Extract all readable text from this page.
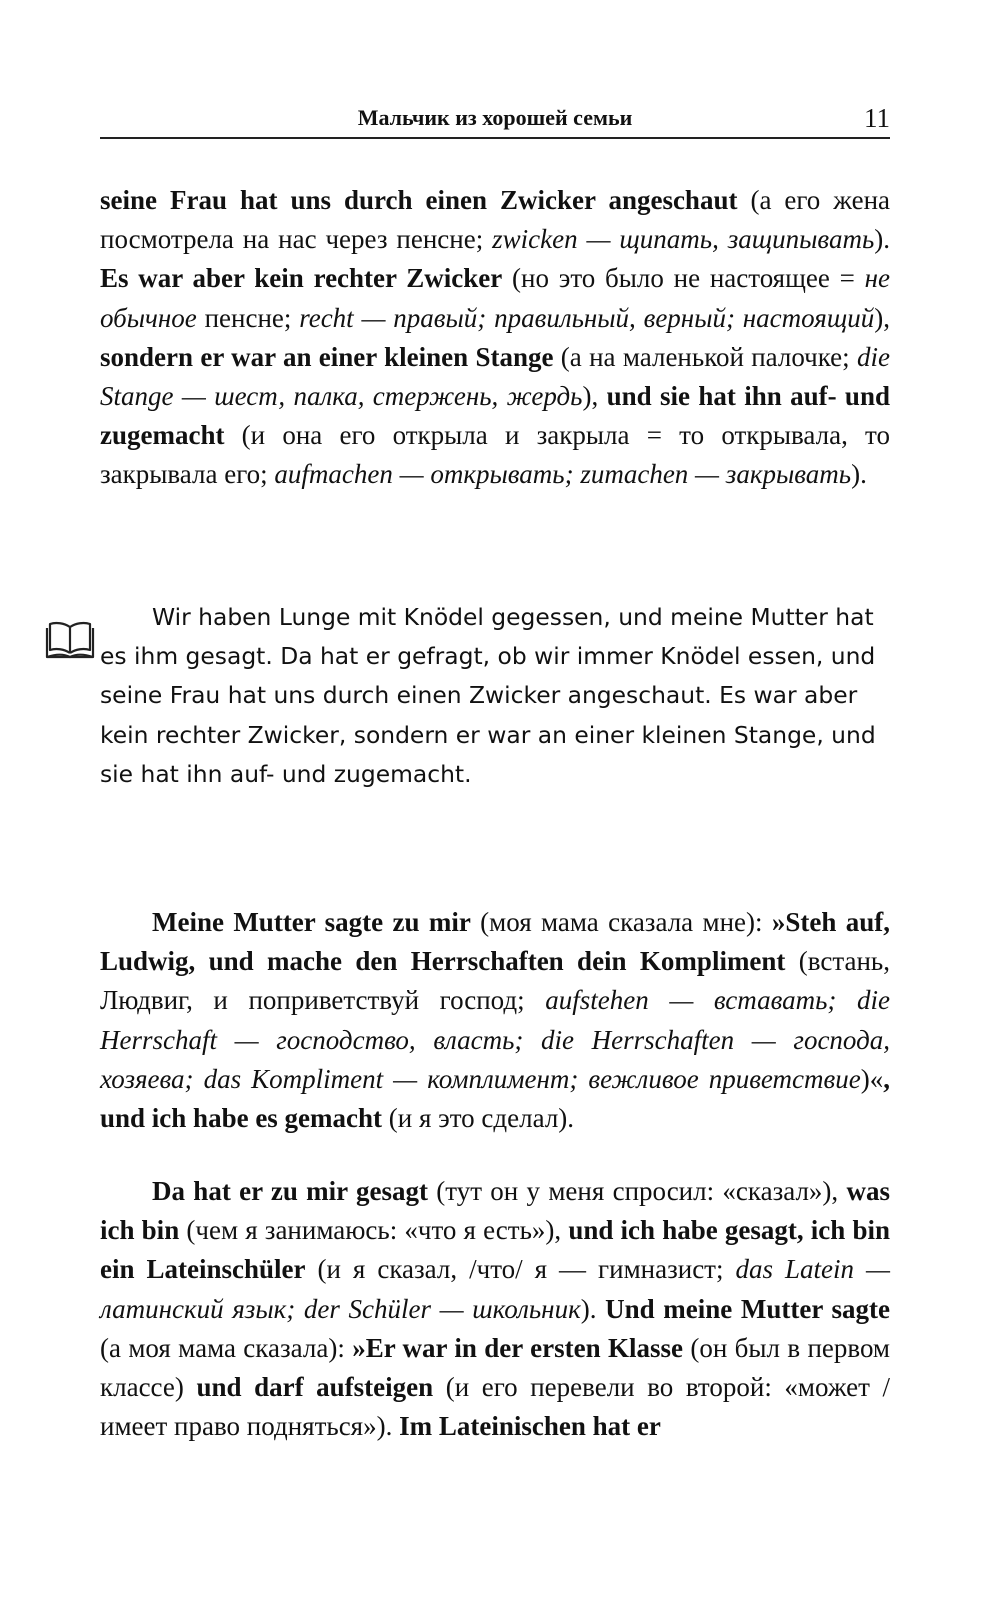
Мальчик из хорошей семьи	11

seine Frau hat uns durch einen Zwicker angeschaut (а его жена посмотрела на нас через пенсне; zwicken — щипать, защипывать). Es war aber kein rechter Zwicker (но это было не настоящее = не обычное пенсне; recht — правый; правильный, верный; настоящий), sondern er war an einer kleinen Stange (а на маленькой палочке; die Stange — шест, палка, стержень, жердь), und sie hat ihn auf- und zugemacht (и она его открыла и закрыла = то открывала, то закрывала его; aufmachen — открывать; zumachen — закрывать).

Wir haben Lunge mit Knödel gegessen, und meine Mutter hat es ihm gesagt. Da hat er gefragt, ob wir immer Knödel essen, und seine Frau hat uns durch einen Zwicker angeschaut. Es war aber kein rechter Zwicker, sondern er war an einer kleinen Stange, und sie hat ihn auf- und zugemacht.

Meine Mutter sagte zu mir (моя мама сказала мне): »Steh auf, Ludwig, und mache den Herrschaften dein Kompliment (встань, Людвиг, и поприветствуй господ; aufstehen — вставать; die Herrschaft — господство, власть; die Herrschaften — господа, хозяева; das Kompliment — комплимент; вежливое приветствие)«, und ich habe es gemacht (и я это сделал).

Da hat er zu mir gesagt (тут он у меня спросил: «сказал»), was ich bin (чем я занимаюсь: «что я есть»), und ich habe gesagt, ich bin ein Lateinschüler (и я сказал, /что/ я — гимназист; das Latein — латинский язык; der Schüler — школьник). Und meine Mutter sagte (а моя мама сказала): »Er war in der ersten Klasse (он был в первом классе) und darf aufsteigen (и его перевели во второй: «может / имеет право подняться»). Im Lateinischen hat er
